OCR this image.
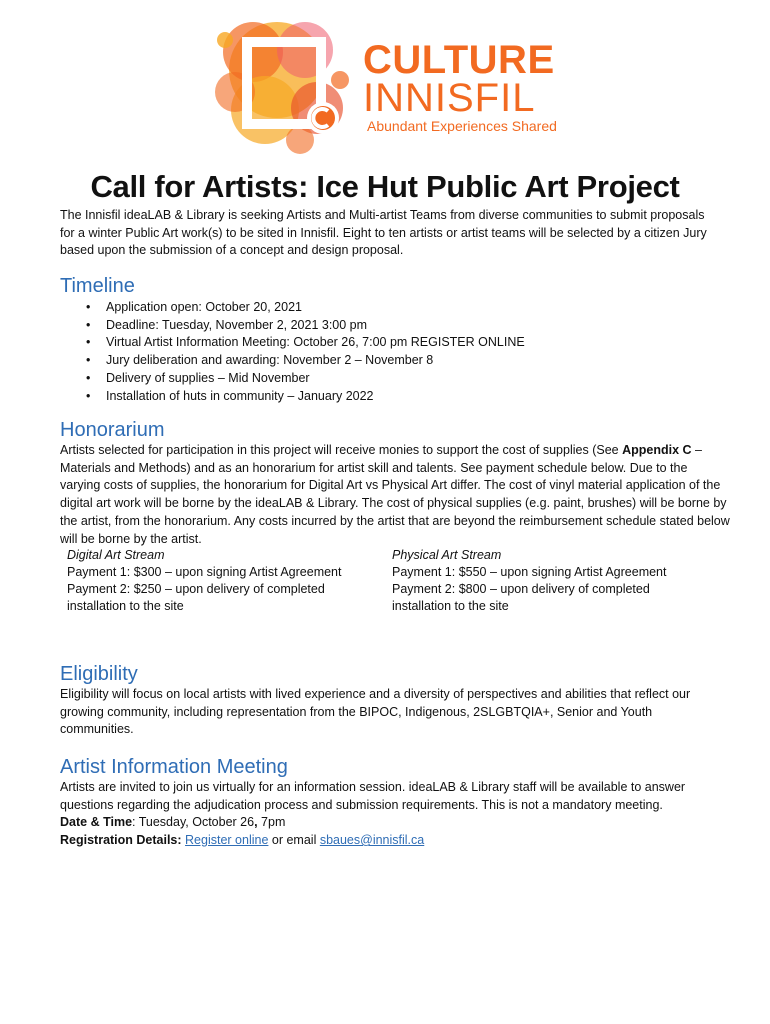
CULTURE
INNISFIL
Abundant Experiences Shared
Call for Artists: Ice Hut Public Art Project

The Innisfil ideaLAB & Library is seeking Artists and Multi-artist Teams from diverse communities to submit proposals for a winter Public Art work(s) to be sited in Innisfil. Eight to ten artists or artist teams will be selected by a citizen Jury based upon the submission of a concept and design proposal.

Timeline
• Application open: October 20, 2021
• Deadline: Tuesday, November 2, 2021 3:00 pm
• Virtual Artist Information Meeting: October 26, 7:00 pm REGISTER ONLINE
• Jury deliberation and awarding: November 2 – November 8
• Delivery of supplies – Mid November
• Installation of huts in community – January 2022
Honorarium

Artists selected for participation in this project will receive monies to support the cost of supplies (See Appendix C – Materials and Methods) and as an honorarium for artist skill and talents. See payment schedule below. Due to the varying costs of supplies, the honorarium for Digital Art vs Physical Art differ. The cost of vinyl material application of the digital art work will be borne by the ideaLAB & Library. The cost of physical supplies (e.g. paint, brushes) will be borne by the artist, from the honorarium. Any costs incurred by the artist that are beyond the reimbursement schedule stated below will be borne by the artist.

Digital Art Stream
Payment 1: $300 – upon signing Artist Agreement
Payment 2: $250 – upon delivery of completed installation to the site
Physical Art Stream
Payment 1: $550 – upon signing Artist Agreement
Payment 2: $800 – upon delivery of completed installation to the site
Eligibility

Eligibility will focus on local artists with lived experience and a diversity of perspectives and abilities that reflect our growing community, including representation from the BIPOC, Indigenous, 2SLGBTQIA+, Senior and Youth communities.

Artist Information Meeting

Artists are invited to join us virtually for an information session. ideaLAB & Library staff will be available to answer questions regarding the adjudication process and submission requirements. This is not a mandatory meeting.
Date & Time: Tuesday, October 26, 7pm
Registration Details: Register online or email sbaues@innisfil.ca
